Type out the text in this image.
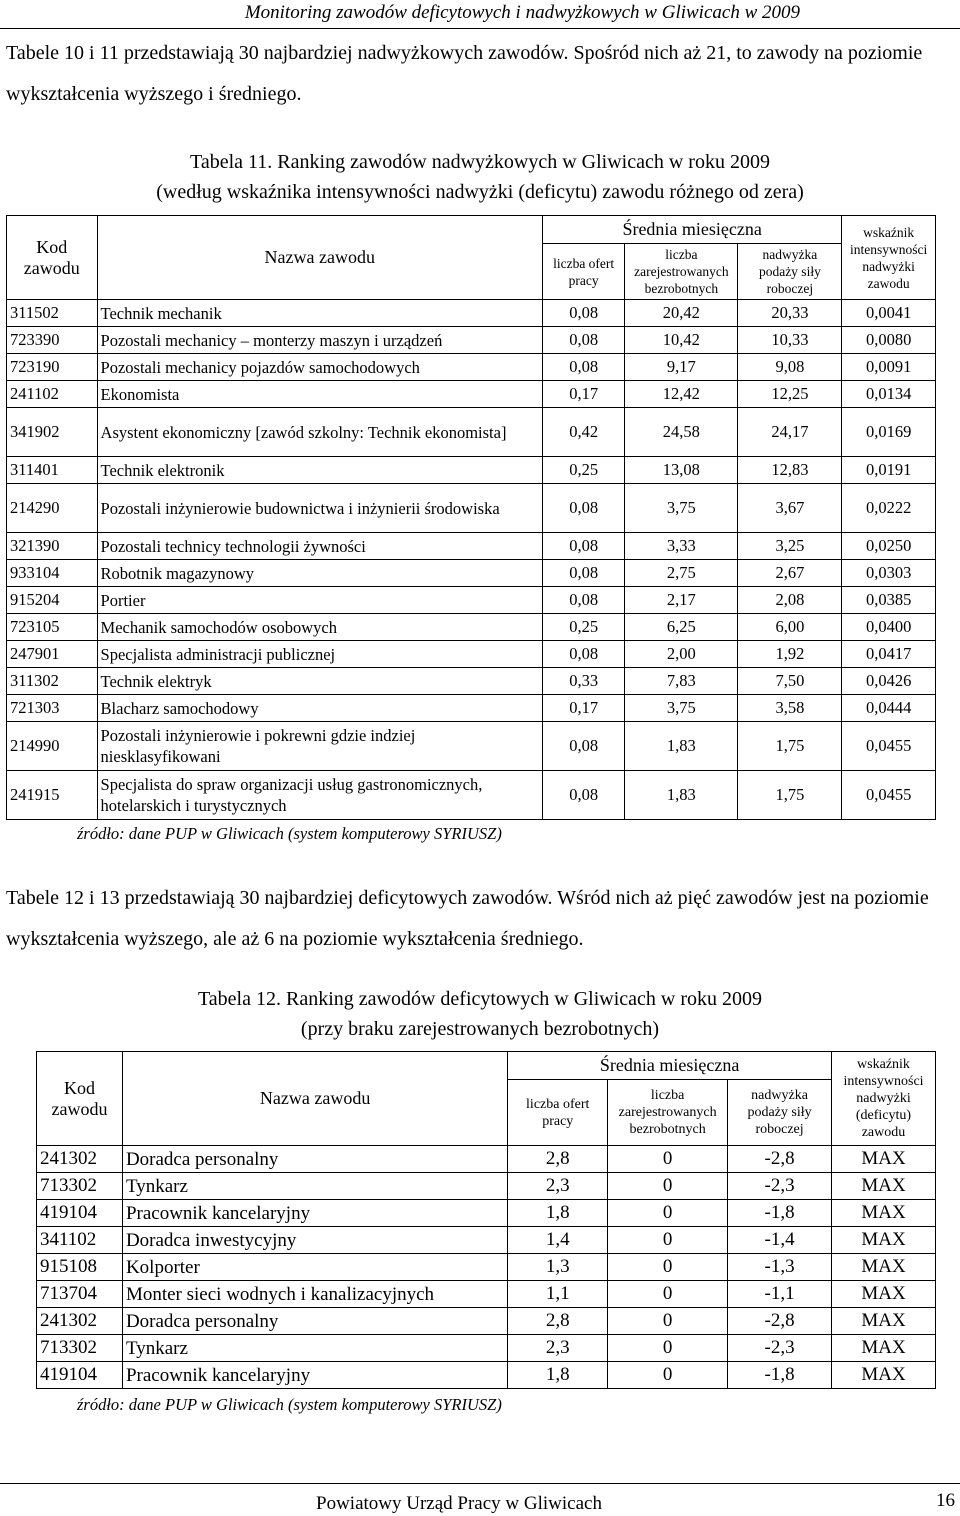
Monitoring zawodów deficytowych i nadwyżkowych w Gliwicach w 2009
Tabele 10 i 11 przedstawiają 30 najbardziej nadwyżkowych zawodów. Spośród nich aż 21, to zawody na poziomie wykształcenia wyższego i średniego.
Tabela 11. Ranking zawodów nadwyżkowych w Gliwicach w roku 2009
(według wskaźnika intensywności nadwyżki (deficytu) zawodu różnego od zera)
Kod zawodu	Nazwa zawodu	Średnia miesięczna			wskaźnik intensywności nadwyżki zawodu
		liczba ofert pracy	liczba zarejestrowanych bezrobotnych	nadwyżka podaży siły roboczej	
311502	Technik mechanik	0,08	20,42	20,33	0,0041
723390	Pozostali mechanicy – monterzy maszyn i urządzeń	0,08	10,42	10,33	0,0080
723190	Pozostali mechanicy pojazdów samochodowych	0,08	9,17	9,08	0,0091
241102	Ekonomista	0,17	12,42	12,25	0,0134
341902	Asystent ekonomiczny [zawód szkolny: Technik ekonomista]	0,42	24,58	24,17	0,0169
311401	Technik elektronik	0,25	13,08	12,83	0,0191
214290	Pozostali inżynierowie budownictwa i inżynierii środowiska	0,08	3,75	3,67	0,0222
321390	Pozostali technicy technologii żywności	0,08	3,33	3,25	0,0250
933104	Robotnik magazynowy	0,08	2,75	2,67	0,0303
915204	Portier	0,08	2,17	2,08	0,0385
723105	Mechanik samochodów osobowych	0,25	6,25	6,00	0,0400
247901	Specjalista administracji publicznej	0,08	2,00	1,92	0,0417
311302	Technik elektryk	0,33	7,83	7,50	0,0426
721303	Blacharz samochodowy	0,17	3,75	3,58	0,0444
214990	Pozostali inżynierowie i pokrewni gdzie indziej niesklasyfikowani	0,08	1,83	1,75	0,0455
241915	Specjalista do spraw organizacji usług gastronomicznych, hotelarskich i turystycznych	0,08	1,83	1,75	0,0455
źródło: dane PUP w Gliwicach (system komputerowy SYRIUSZ)
Tabele 12 i 13 przedstawiają 30 najbardziej deficytowych zawodów. Wśród nich aż pięć zawodów jest na poziomie wykształcenia wyższego, ale aż 6 na poziomie wykształcenia średniego.
Tabela 12. Ranking zawodów deficytowych w Gliwicach w roku 2009
(przy braku zarejestrowanych bezrobotnych)
Kod zawodu	Nazwa zawodu	Średnia miesięczna			wskaźnik intensywności nadwyżki (deficytu) zawodu
		liczba ofert pracy	liczba zarejestrowanych bezrobotnych	nadwyżka podaży siły roboczej	
241302	Doradca personalny	2,8	0	-2,8	MAX
713302	Tynkarz	2,3	0	-2,3	MAX
419104	Pracownik kancelaryjny	1,8	0	-1,8	MAX
341102	Doradca inwestycyjny	1,4	0	-1,4	MAX
915108	Kolporter	1,3	0	-1,3	MAX
713704	Monter sieci wodnych i kanalizacyjnych	1,1	0	-1,1	MAX
241302	Doradca personalny	2,8	0	-2,8	MAX
713302	Tynkarz	2,3	0	-2,3	MAX
419104	Pracownik kancelaryjny	1,8	0	-1,8	MAX
źródło: dane PUP w Gliwicach (system komputerowy SYRIUSZ)
Powiatowy Urząd Pracy w Gliwicach	16
